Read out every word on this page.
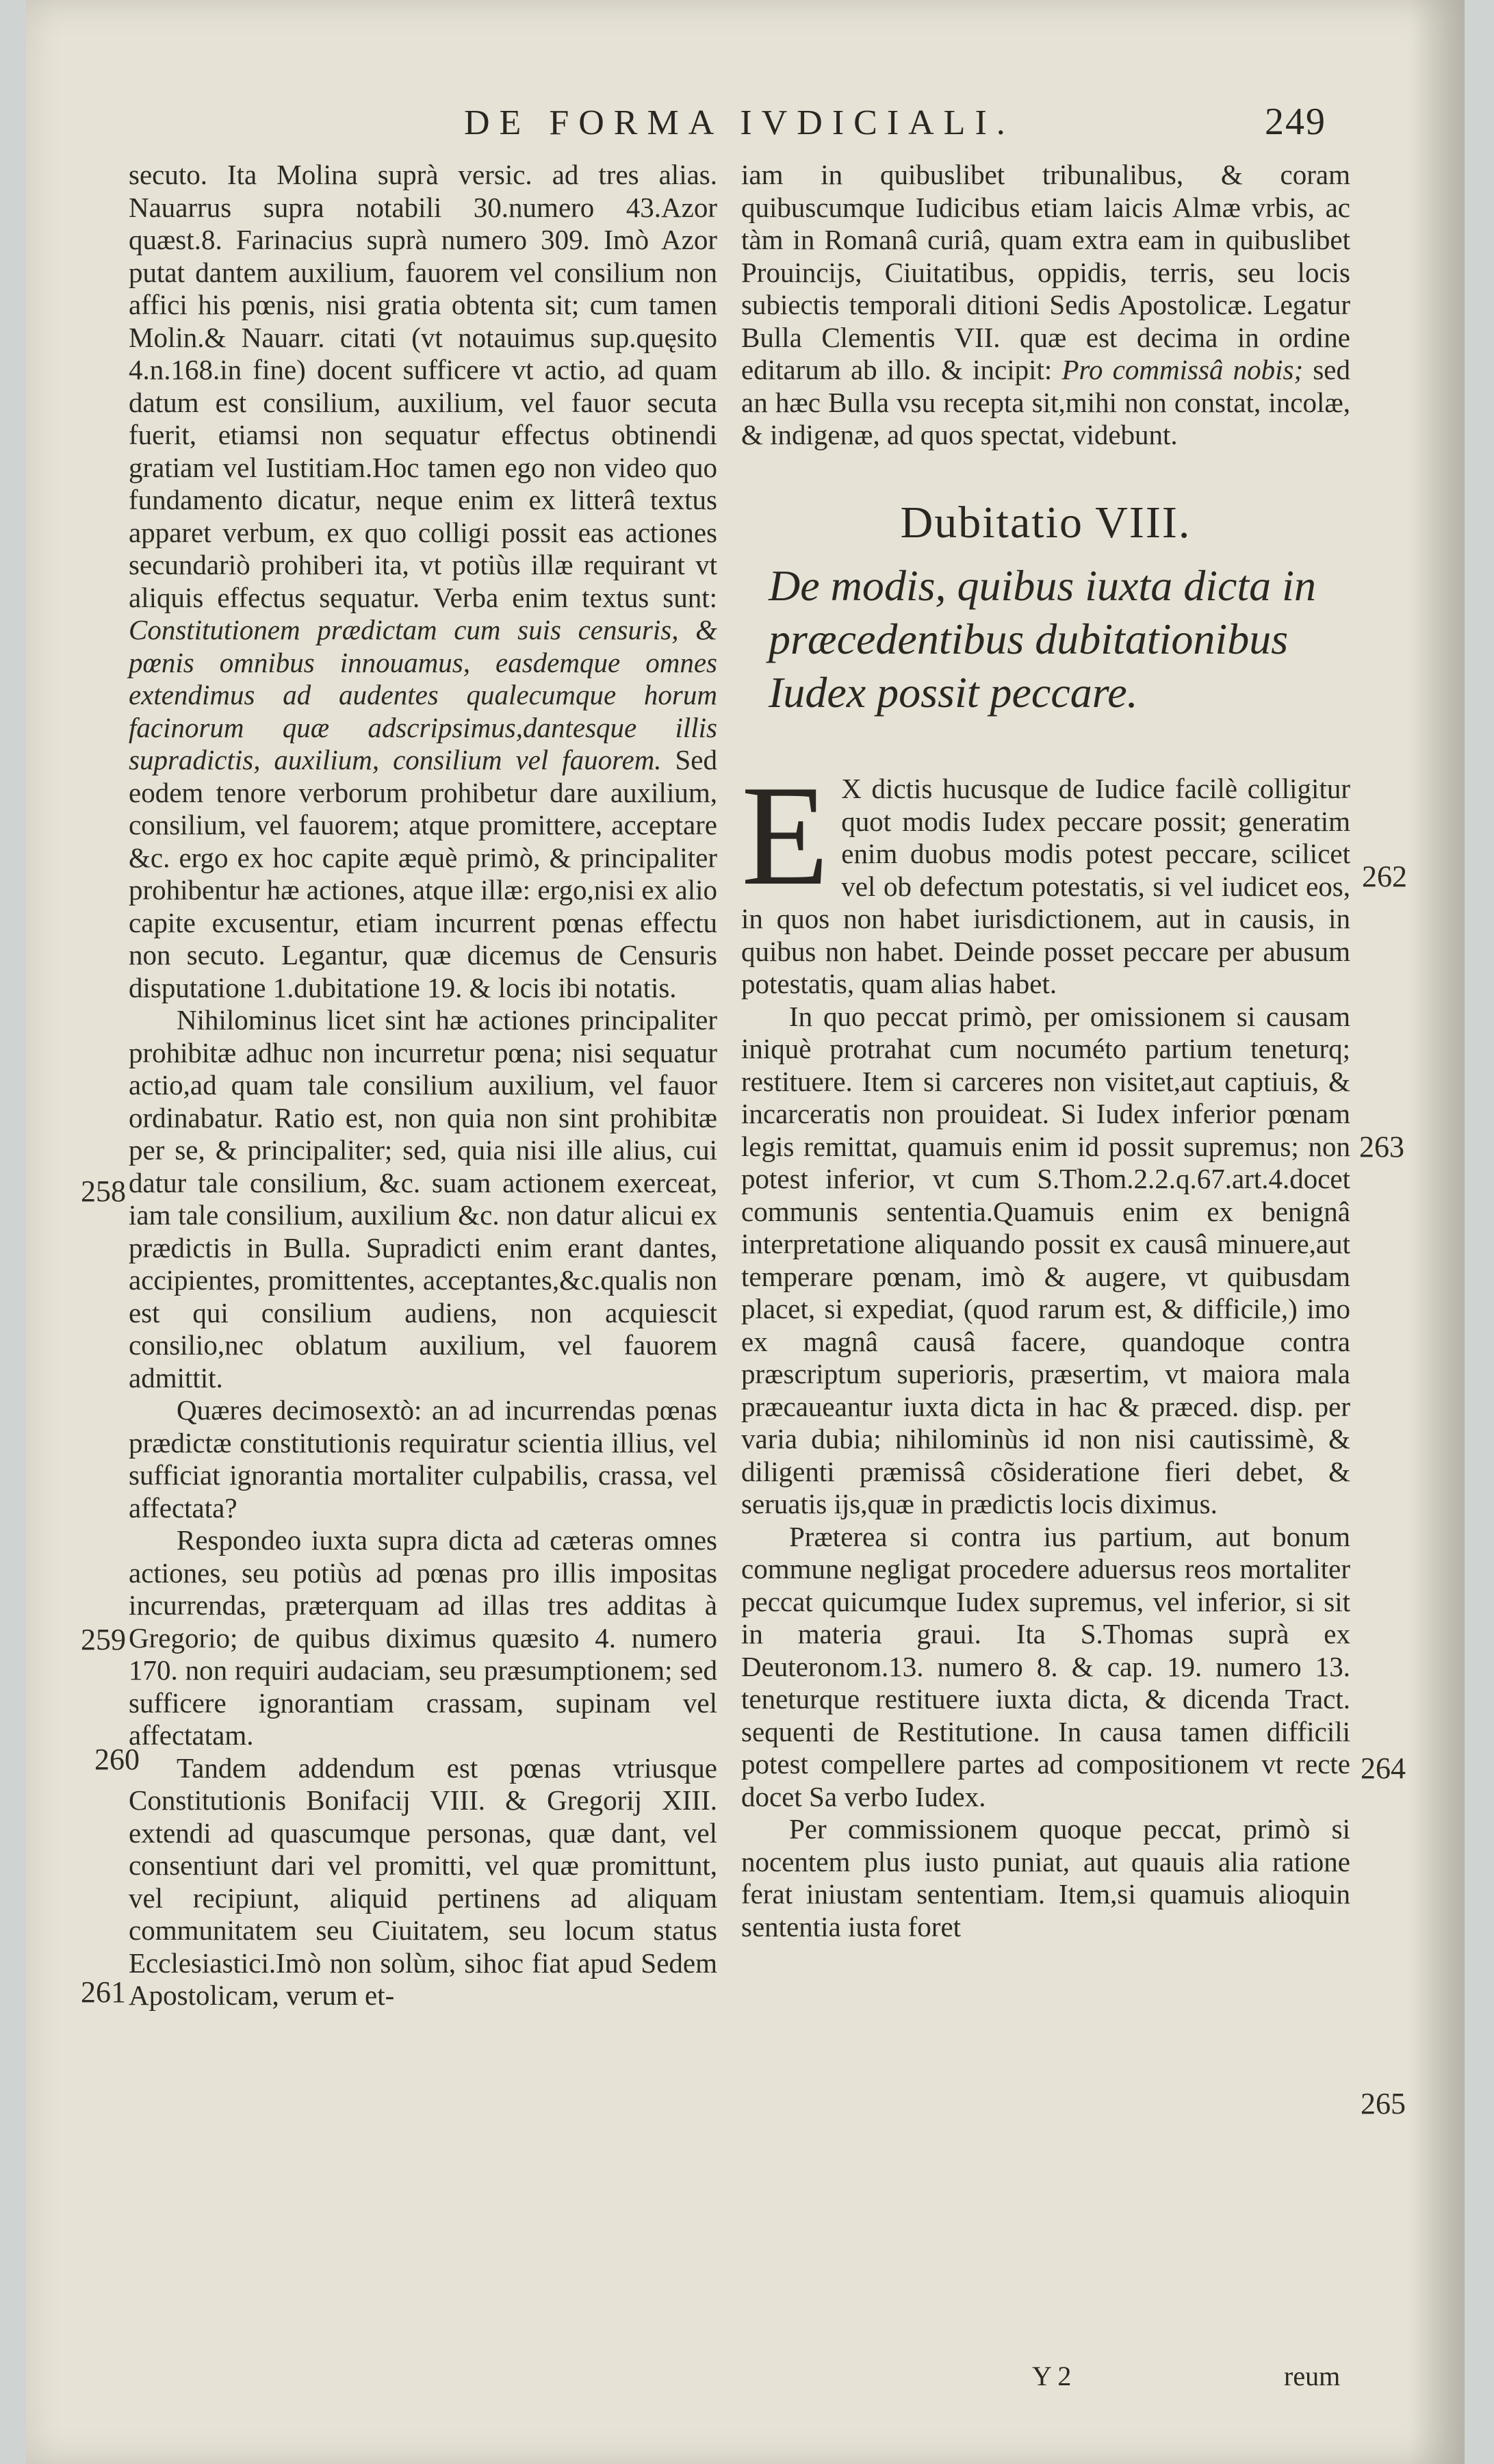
DE FORMA IVDICIALI.	249

secuto. Ita Molina suprà versic. ad tres alias. Nauarrus supra notabili 30.numero 43.Azor quæst.8. Farinacius suprà numero 309. Imò Azor putat dantem auxilium, fauorem vel consilium non affici his pœnis, nisi gratia obtenta sit; cum tamen Molin.& Nauarr. citati (vt notauimus sup.quęsito 4.n.168.in fine) docent sufficere vt actio, ad quam datum est consilium, auxilium, vel fauor secuta fuerit, etiamsi non sequatur effectus obtinendi gratiam vel Iustitiam.Hoc tamen ego non video quo fundamento dicatur, neque enim ex litterâ textus apparet verbum, ex quo colligi possit eas actiones secundariò prohiberi ita, vt potiùs illæ requirant vt aliquis effectus sequatur. Verba enim textus sunt: Constitutionem prædictam cum suis censuris, & pœnis omnibus innouamus, easdemque omnes extendimus ad audentes qualecumque horum facinorum quæ adscripsimus,dantesque illis supradictis, auxilium, consilium vel fauorem. Sed eodem tenore verborum prohibetur dare auxilium, consilium, vel fauorem; atque promittere, acceptare &c. ergo ex hoc capite æquè primò, & principaliter prohibentur hæ actiones, atque illæ: ergo,nisi ex alio capite excusentur, etiam incurrent pœnas effectu non secuto. Legantur, quæ dicemus de Censuris disputatione 1.dubitatione 19. & locis ibi notatis.

Nihilominus licet sint hæ actiones principaliter prohibitæ adhuc non incurretur pœna; nisi sequatur actio,ad quam tale consilium auxilium, vel fauor ordinabatur. Ratio est, non quia non sint prohibitæ per se, & principaliter; sed, quia nisi ille alius, cui datur tale consilium, &c. suam actionem exerceat, iam tale consilium, auxilium &c. non datur alicui ex prædictis in Bulla. Supradicti enim erant dantes, accipientes, promittentes, acceptantes,&c.qualis non est qui consilium audiens, non acquiescit consilio,nec oblatum auxilium, vel fauorem admittit.

Quæres decimosextò: an ad incurrendas pœnas prædictæ constitutionis requiratur scientia illius, vel sufficiat ignorantia mortaliter culpabilis, crassa, vel affectata?

Respondeo iuxta supra dicta ad cæteras omnes actiones, seu potiùs ad pœnas pro illis impositas incurrendas, præterquam ad illas tres additas à Gregorio; de quibus diximus quæsito 4. numero 170. non requiri audaciam, seu præsumptionem; sed sufficere ignorantiam crassam, supinam vel affectatam.

Tandem addendum est pœnas vtriusque Constitutionis Bonifacij VIII. & Gregorij XIII. extendi ad quascumque personas, quæ dant, vel consentiunt dari vel promitti, vel quæ promittunt, vel recipiunt, aliquid pertinens ad aliquam communitatem seu Ciuitatem, seu locum status Ecclesiastici.Imò non solùm, sihoc fiat apud Sedem Apostolicam, verum et-

iam in quibuslibet tribunalibus, & coram quibuscumque Iudicibus etiam laicis Almæ vrbis, ac tàm in Romanâ curiâ, quam extra eam in quibuslibet Prouincijs, Ciuitatibus, oppidis, terris, seu locis subiectis temporali ditioni Sedis Apostolicæ. Legatur Bulla Clementis VII. quæ est decima in ordine editarum ab illo. & incipit: Pro commissâ nobis; sed an hæc Bulla vsu recepta sit,mihi non constat, incolæ, & indigenæ, ad quos spectat, videbunt.

Dubitatio VIII.
De modis, quibus iuxta dicta in præcedentibus dubitationibus Iudex possit peccare.

E X dictis hucusque de Iudice facilè colligitur quot modis Iudex peccare possit; generatim enim duobus modis potest peccare, scilicet vel ob defectum potestatis, si vel iudicet eos, in quos non habet iurisdictionem, aut in causis, in quibus non habet. Deinde posset peccare per abusum potestatis, quam alias habet.

In quo peccat primò, per omissionem si causam iniquè protrahat cum nocuméto partium teneturq; restituere. Item si carceres non visitet,aut captiuis, & incarceratis non prouideat. Si Iudex inferior pœnam legis remittat, quamuis enim id possit supremus; non potest inferior, vt cum S.Thom.2.2.q.67.art.4.docet communis sententia.Quamuis enim ex benignâ interpretatione aliquando possit ex causâ minuere,aut temperare pœnam, imò & augere, vt quibusdam placet, si expediat, (quod rarum est, & difficile,) imo ex magnâ causâ facere, quandoque contra præscriptum superioris, præsertim, vt maiora mala præcaueantur iuxta dicta in hac & præced. disp. per varia dubia; nihilominùs id non nisi cautissimè, & diligenti præmissâ cõsideratione fieri debet, & seruatis ijs,quæ in prædictis locis diximus.

Præterea si contra ius partium, aut bonum commune negligat procedere aduersus reos mortaliter peccat quicumque Iudex supremus, vel inferior, si sit in materia graui. Ita S.Thomas suprà ex Deuteronom.13. numero 8. & cap. 19. numero 13. teneturque restituere iuxta dicta, & dicenda Tract. sequenti de Restitutione. In causa tamen difficili potest compellere partes ad compositionem vt recte docet Sa verbo Iudex.

Per commissionem quoque peccat, primò si nocentem plus iusto puniat, aut quauis alia ratione ferat iniustam sententiam. Item,si quamuis alioquin sententia iusta foret

258
259
260
261
262
263
264
265
Y 2	reum
